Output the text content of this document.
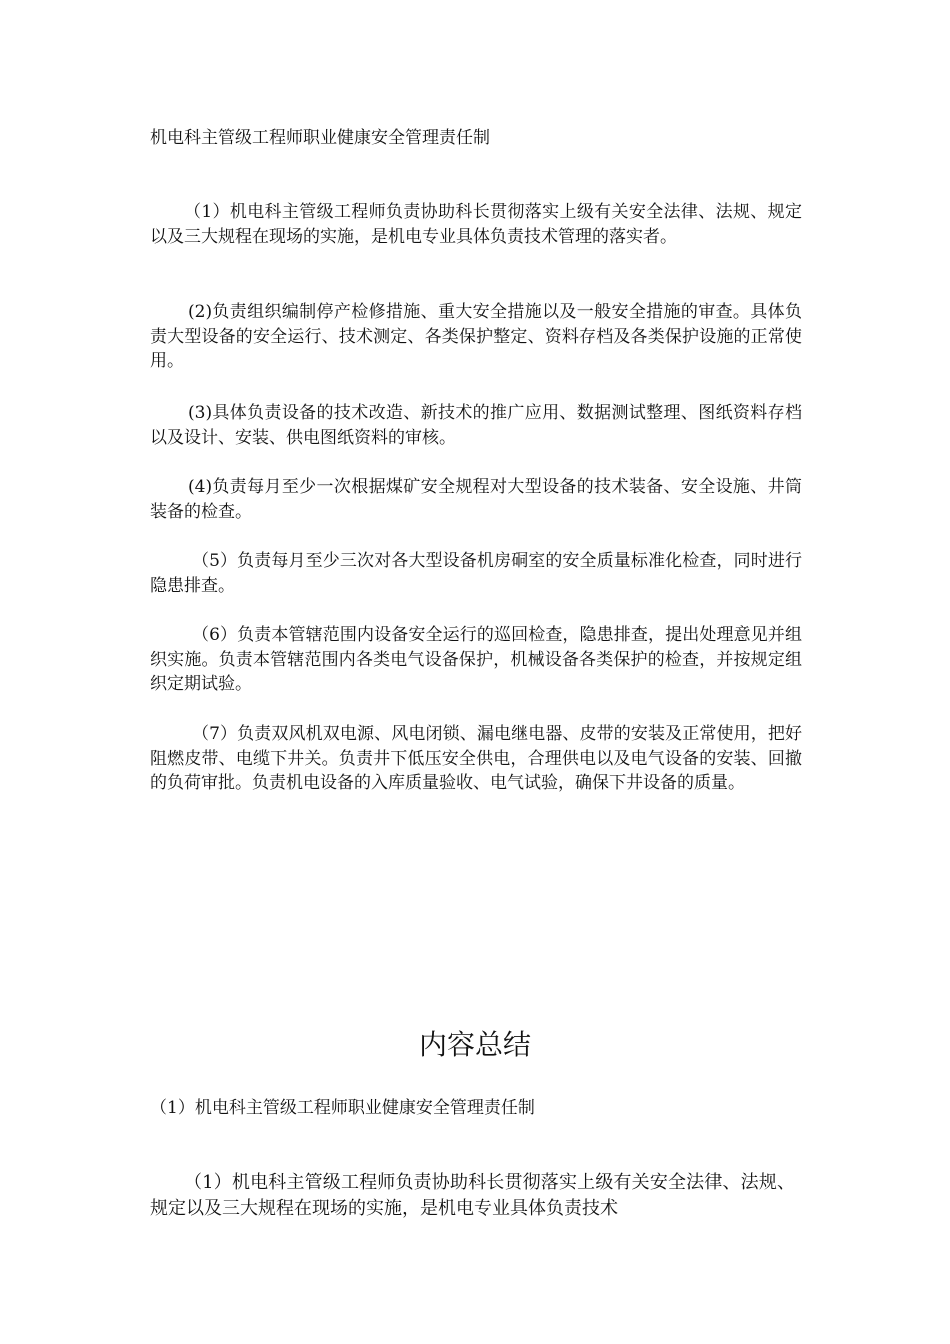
机电科主管级工程师职业健康安全管理责任制

（1）机电科主管级工程师负责协助科长贯彻落实上级有关安全法律、法规、规定以及三大规程在现场的实施，是机电专业具体负责技术管理的落实者。

(2)负责组织编制停产检修措施、重大安全措施以及一般安全措施的审查。具体负责大型设备的安全运行、技术测定、各类保护整定、资料存档及各类保护设施的正常使用。

(3)具体负责设备的技术改造、新技术的推广应用、数据测试整理、图纸资料存档以及设计、安装、供电图纸资料的审核。

(4)负责每月至少一次根据煤矿安全规程对大型设备的技术装备、安全设施、井筒装备的检查。

（5）负责每月至少三次对各大型设备机房硐室的安全质量标准化检查，同时进行隐患排查。

（6）负责本管辖范围内设备安全运行的巡回检查，隐患排查，提出处理意见并组织实施。负责本管辖范围内各类电气设备保护，机械设备各类保护的检查，并按规定组织定期试验。

（7）负责双风机双电源、风电闭锁、漏电继电器、皮带的安装及正常使用，把好阻燃皮带、电缆下井关。负责井下低压安全供电，合理供电以及电气设备的安装、回撤的负荷审批。负责机电设备的入库质量验收、电气试验，确保下井设备的质量。

内容总结
（1）机电科主管级工程师职业健康安全管理责任制

（1）机电科主管级工程师负责协助科长贯彻落实上级有关安全法律、法规、规定以及三大规程在现场的实施，是机电专业具体负责技术
